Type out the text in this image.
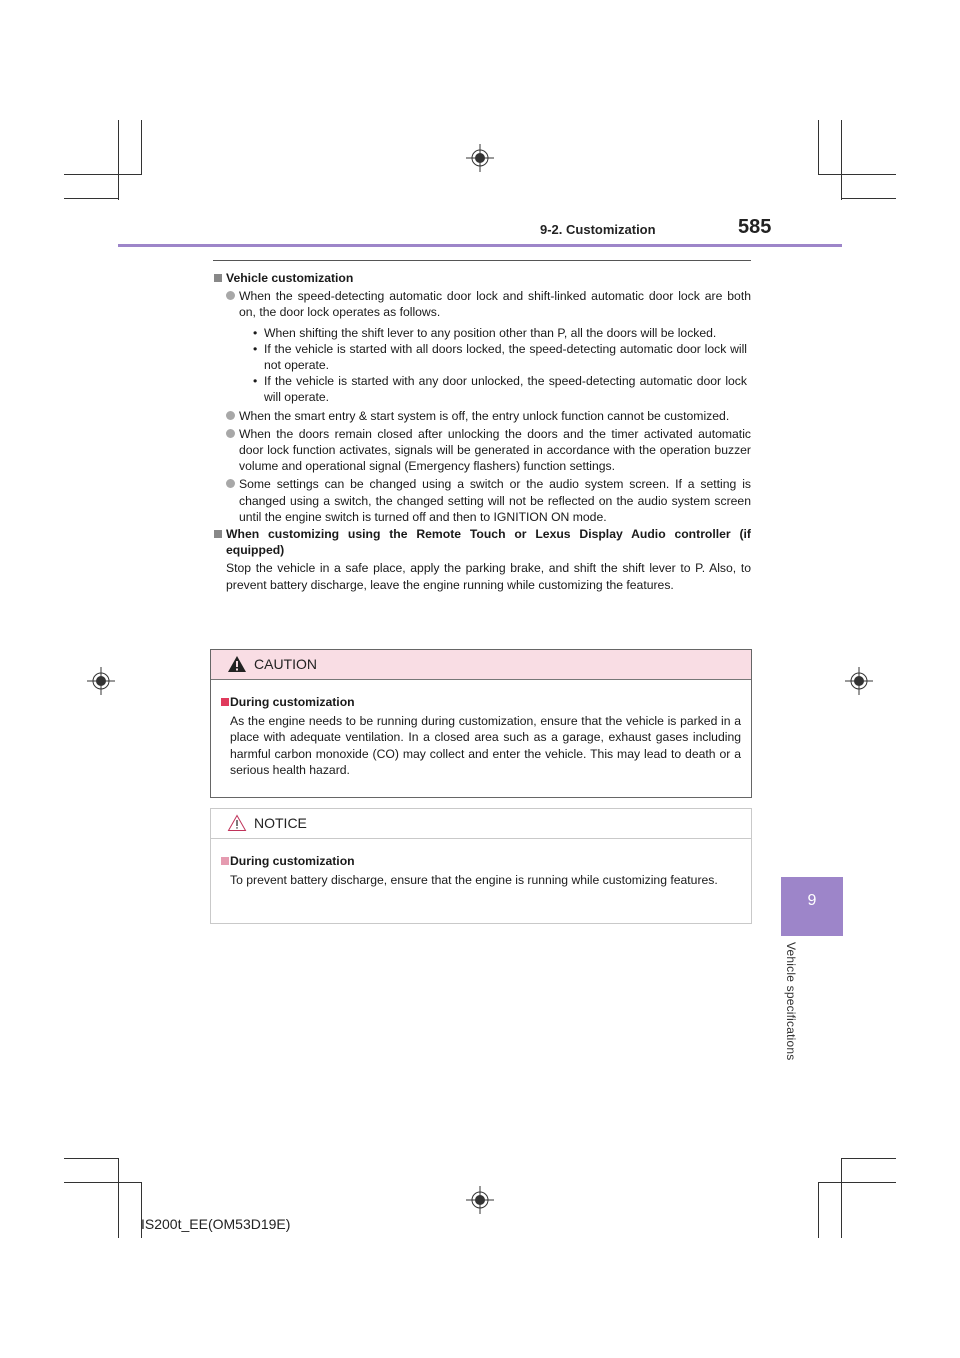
9-2. Customization	585
9
Vehicle specifications

Vehicle customization

When the speed-detecting automatic door lock and shift-linked automatic door lock are both on, the door lock operates as follows.

• When shifting the shift lever to any position other than P, all the doors will be locked.

• If the vehicle is started with all doors locked, the speed-detecting automatic door lock will not operate.

• If the vehicle is started with any door unlocked, the speed-detecting automatic door lock will operate.

When the smart entry & start system is off, the entry unlock function cannot be customized.

When the doors remain closed after unlocking the doors and the timer activated automatic door lock function activates, signals will be generated in accordance with the operation buzzer volume and operational signal (Emergency flashers) function settings.

Some settings can be changed using a switch or the audio system screen. If a setting is changed using a switch, the changed setting will not be reflected on the audio system screen until the engine switch is turned off and then to IGNITION ON mode.

When customizing using the Remote Touch or Lexus Display Audio controller (if equipped)

Stop the vehicle in a safe place, apply the parking brake, and shift the shift lever to P. Also, to prevent battery discharge, leave the engine running while customizing the features.

CAUTION

During customization

As the engine needs to be running during customization, ensure that the vehicle is parked in a place with adequate ventilation. In a closed area such as a garage, exhaust gases including harmful carbon monoxide (CO) may collect and enter the vehicle. This may lead to death or a serious health hazard.

NOTICE

During customization

To prevent battery discharge, ensure that the engine is running while customizing features.

IS200t_EE(OM53D19E)
